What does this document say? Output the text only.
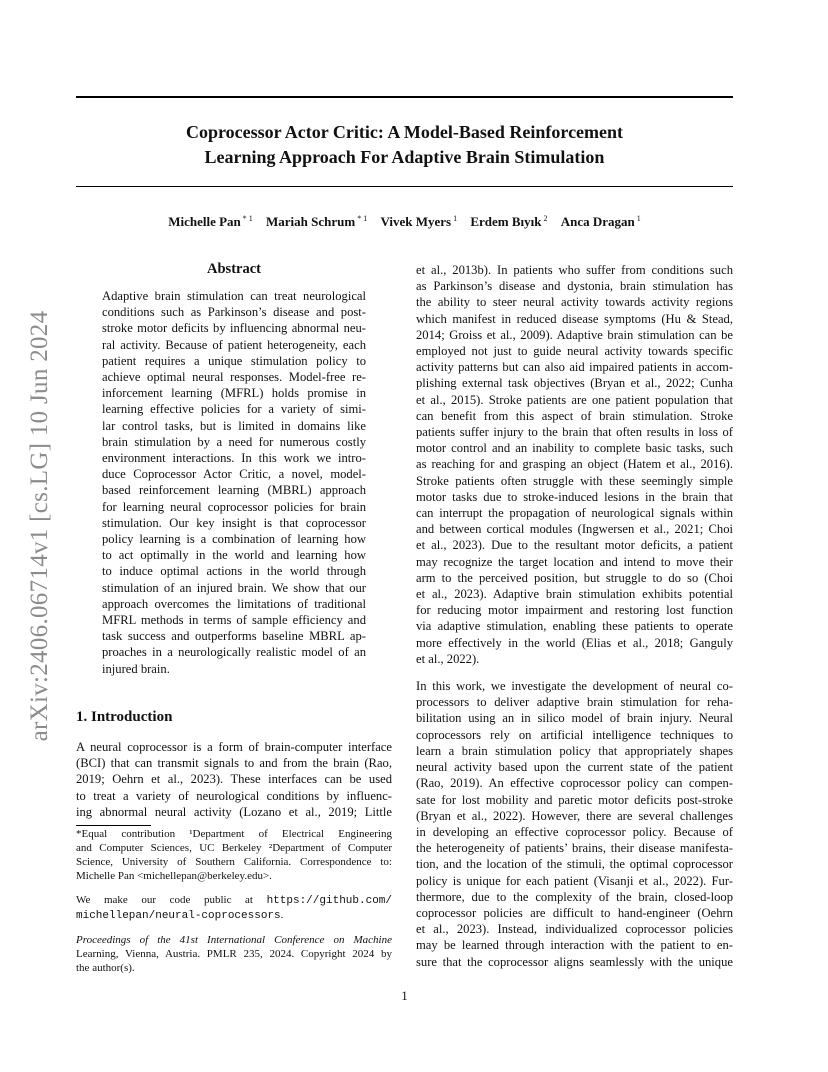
Coprocessor Actor Critic: A Model-Based Reinforcement
Learning Approach For Adaptive Brain Stimulation
Michelle Pan $^{* 1}$ Mariah Schrum $^{* 1}$ Vivek Myers $^1$ Erdem Bıyık $^2$ Anca Dragan $^1$
arXiv:2406.06714v1 [cs.LG] 10 Jun 2024
Abstract
Adaptive brain stimulation can treat neurological
conditions such as Parkinson’s disease and post-
stroke motor deficits by influencing abnormal neu-
ral activity. Because of patient heterogeneity, each
patient requires a unique stimulation policy to
achieve optimal neural responses. Model-free re-
inforcement learning (MFRL) holds promise in
learning effective policies for a variety of simi-
lar control tasks, but is limited in domains like
brain stimulation by a need for numerous costly
environment interactions. In this work we intro-
duce Coprocessor Actor Critic, a novel, model-
based reinforcement learning (MBRL) approach
for learning neural coprocessor policies for brain
stimulation. Our key insight is that coprocessor
policy learning is a combination of learning how
to act optimally in the world and learning how
to induce optimal actions in the world through
stimulation of an injured brain. We show that our
approach overcomes the limitations of traditional
MFRL methods in terms of sample efficiency and
task success and outperforms baseline MBRL ap-
proaches in a neurologically realistic model of an
injured brain.
1. Introduction
A neural coprocessor is a form of brain-computer interface
(BCI) that can transmit signals to and from the brain (Rao,
2019; Oehrn et al., 2023). These interfaces can be used
to treat a variety of neurological conditions by influenc-
ing abnormal neural activity (Lozano et al., 2019; Little
*Equal contribution ¹Department of Electrical Engineering
and Computer Sciences, UC Berkeley ²Department of Computer
Science, University of Southern California. Correspondence to:
Michelle Pan <michellepan@berkeley.edu>.
We make our code public at https://github.com/
michellepan/neural-coprocessors.
Proceedings of the 41st International Conference on Machine
Learning, Vienna, Austria. PMLR 235, 2024. Copyright 2024 by
the author(s).
et al., 2013b). In patients who suffer from conditions such
as Parkinson’s disease and dystonia, brain stimulation has
the ability to steer neural activity towards activity regions
which manifest in reduced disease symptoms (Hu & Stead,
2014; Groiss et al., 2009). Adaptive brain stimulation can be
employed not just to guide neural activity towards specific
activity patterns but can also aid impaired patients in accom-
plishing external task objectives (Bryan et al., 2022; Cunha
et al., 2015). Stroke patients are one patient population that
can benefit from this aspect of brain stimulation. Stroke
patients suffer injury to the brain that often results in loss of
motor control and an inability to complete basic tasks, such
as reaching for and grasping an object (Hatem et al., 2016).
Stroke patients often struggle with these seemingly simple
motor tasks due to stroke-induced lesions in the brain that
can interrupt the propagation of neurological signals within
and between cortical modules (Ingwersen et al., 2021; Choi
et al., 2023). Due to the resultant motor deficits, a patient
may recognize the target location and intend to move their
arm to the perceived position, but struggle to do so (Choi
et al., 2023). Adaptive brain stimulation exhibits potential
for reducing motor impairment and restoring lost function
via adaptive stimulation, enabling these patients to operate
more effectively in the world (Elias et al., 2018; Ganguly
et al., 2022).
In this work, we investigate the development of neural co-
processors to deliver adaptive brain stimulation for reha-
bilitation using an in silico model of brain injury. Neural
coprocessors rely on artificial intelligence techniques to
learn a brain stimulation policy that appropriately shapes
neural activity based upon the current state of the patient
(Rao, 2019). An effective coprocessor policy can compen-
sate for lost mobility and paretic motor deficits post-stroke
(Bryan et al., 2022). However, there are several challenges
in developing an effective coprocessor policy. Because of
the heterogeneity of patients’ brains, their disease manifesta-
tion, and the location of the stimuli, the optimal coprocessor
policy is unique for each patient (Visanji et al., 2022). Fur-
thermore, due to the complexity of the brain, closed-loop
coprocessor policies are difficult to hand-engineer (Oehrn
et al., 2023). Instead, individualized coprocessor policies
may be learned through interaction with the patient to en-
sure that the coprocessor aligns seamlessly with the unique
1
